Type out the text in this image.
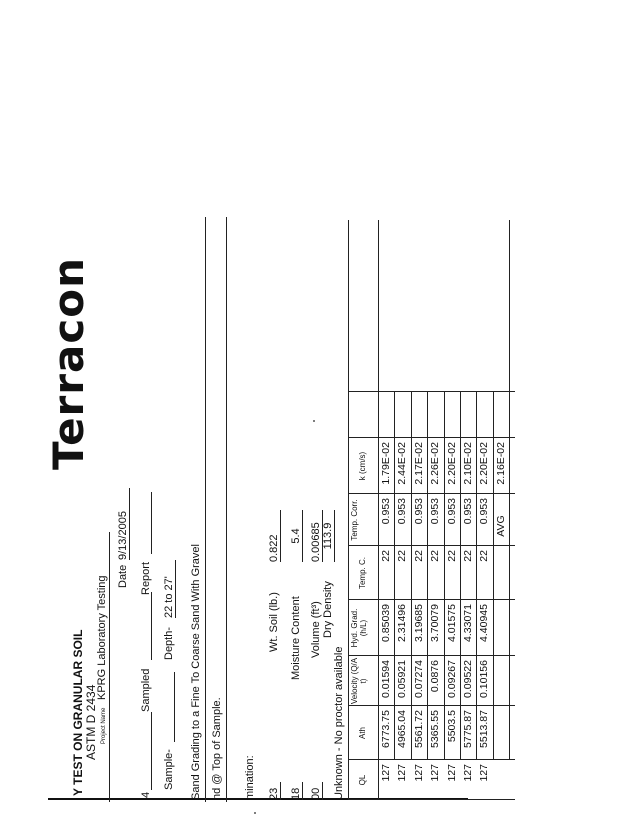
Y TEST ON GRANULAR SOIL ASTM D 2434
Terracon
Project Name
KPRG Laboratory Testing Date
9/13/2005
4
Sampled
Report
Sample-
Depth-
22 to 27' Sand Grading to a Fine To Coarse Sand With Gravel nd @ Top of Sample. mination: 23 18 00
Wt. Soil (lb.)
0.822
Moisture Content
5.4
Volume (ft³)
0.00685
Dry Density
113.9
Unknown - No proctor available QL
Ath
Velocity (Q/A t)
Hyd. Grad. (h/L)
Temp. C.
Temp. Corr.
k (cm/s)
127
6773.75
0.01594
0.85039
22
0.953
1.79E-02
127
4965.04
0.05921
2.31496
22
0.953
2.44E-02
127
5561.72
0.07274
3.19685
22
0.953
2.17E-02
127
5365.55
0.0876
3.70079
22
0.953
2.26E-02
127
5503.5
0.09267
4.01575
22
0.953
2.20E-02
127
5775.87
0.09522
4.33071
22
0.953
2.10E-02
127
5513.87
0.10156
4.40945
22
0.953
2.20E-02
AVG
2.16E-02
